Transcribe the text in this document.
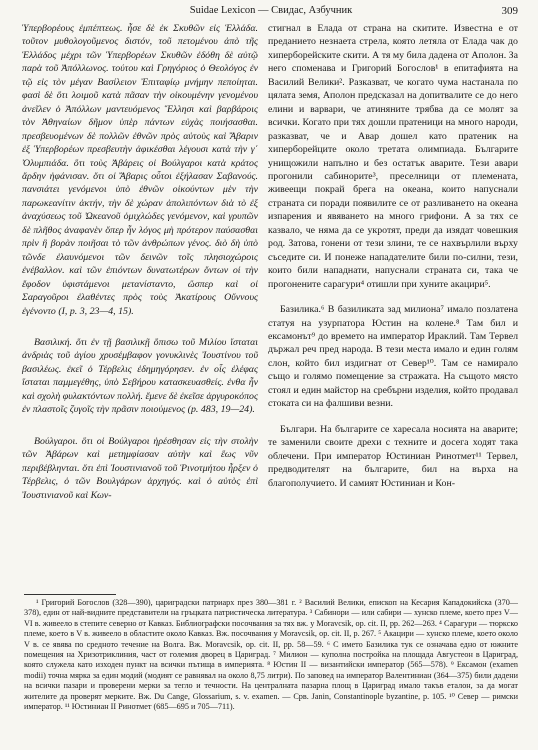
Suidae Lexicon — Свидас, Азбучник	309

Ὑπερβορέους ἐμπέπτεως. ἦσε δὲ ἐκ Σκυθῶν εἰς Ἑλλάδα. τοῦτον μυθολογοῦμενος διστόν, τοῦ πετομένου ἀπὸ τῆς Ἑλλάδος μέχρι τῶν Ὑπερβορέων Σκυθῶν ἐδόθη δὲ αὐτῷ παρὰ τοῦ Ἀπόλλωνος. τούτου καὶ Γρηγόριος ὁ Θεολόγος ἐν τῷ εἰς τὸν μέγαν Βασίλειον Ἐπιταφίῳ μνήμην πεποίηται. φασὶ δὲ ὅτι λοιμοῦ κατὰ πᾶσαν τὴν οἰκουμένην γενομένου ἀνεῖλεν ὁ Ἀπόλλων μαντευόμενος Ἕλλησι καὶ βαρβάροις τὸν Ἀθηναίων δῆμον ὑπὲρ πάντων εὐχὰς ποιήσασθαι. πρεσβευομένων δὲ πολλῶν ἐθνῶν πρὸς αὐτοὺς καὶ Ἄβαριν ἐξ Ὑπερβορέων πρεσβευτὴν ἀφικέσθαι λέγουσι κατὰ τὴν γ΄ Ὀλυμπιάδα. ὅτι τοὺς Ἀβάρεις οἱ Βούλγαροι κατὰ κράτος ἄρδην ἠφάνισαν. ὅτι οἱ Ἄβαρις οὗτοι ἐξήλασαν Σαβανούς. πανσιάτει γενόμενοι ὑπὸ ἐθνῶν οἰκούντων μὲν τὴν παρωκεανίτιν ἀκτήν, τὴν δὲ χώραν ἀπολιπόντων διὰ τὸ ἐξ ἀναχύσεως τοῦ Ὠκεανοῦ ὁμιχλώδες γενόμενον, καὶ γρυπῶν δὲ πλῆθος ἀναφανὲν ὅπερ ἦν λόγος μὴ πρότερον παύσασθαι πρὶν ἢ βορὰν ποιῆσαι τὸ τῶν ἀνθρώπων γένος. διὸ δὴ ὑπὸ τῶνδε ἐλαυνόμενοι τῶν δεινῶν τοῖς πλησιοχώροις ἐνέβαλλον. καὶ τῶν ἐπιόντων δυνατωτέρων ὄντων οἱ τὴν ἔφοδον ὑφιστάμενοι μετανίσταντο, ὥσπερ καὶ οἱ Σαραγοῦροι ἐλαθέντες πρὸς τοὺς Ἀκατίρους Οὔννους ἐγένοντο (I, p. 3, 23—4, 15).

Βασιλική. ὅτι ἐν τῇ βασιλικῇ ὄπισω τοῦ Μιλίου ἵσταται ἀνδριὰς τοῦ ἁγίου χρυσέμβαφον γονυκλινὲς Ἰουστίνου τοῦ βασιλέως. ἐκεῖ ὁ Τέρβελις ἐδημηγόρησεν. ἐν οἷς ἐλέφας ἵσταται παμμεγέθης, ὑπὸ Σεβήρου κατασκευασθείς. ἐνθα ἦν καὶ σχολὴ φυλακτόντων πολλή. ἔμενε δὲ ἐκεῖσε ἀργυροκόπος ἐν πλαστοῖς ζυγοῖς τὴν πρᾶσιν ποιούμενος (p. 483, 19—24).

Βούλγαροι. ὅτι οἱ Βούλγαροι ἠρέσθησαν εἰς τὴν στολὴν τῶν Ἀβάρων καὶ μετημφίασαν αὐτὴν καὶ ἕως νῦν περιβέβληνται. ὅτι ἐπὶ Ἰουστινιανοῦ τοῦ Ῥινοτμήτου ἦρξεν ὁ Τέρβελις, ὁ τῶν Βουλγάρων ἀρχηγός. καὶ ὁ αὐτὸς ἐπὶ Ἰουστινιανοῦ καὶ Κων-

стигнал в Елада от страна на скитите. Известна е от преданието незнаета стрела, която летяла от Елада чак до хиперборейските скити. А тя му била дадена от Аполон. За него споменава и Григорий Богослов¹ в епитафията на Василий Велики². Разказват, че когато чума настанала по цялата земя, Аполон предсказал на допитвалите се до него елини и варвари, че атиняните трябва да се молят за всички. Когато при тях дошли пратеници на много народи, разказват, че и Авар дошел като пратеник на хиперборейците около третата олимпиада. Българите унищожили напълно и без остатък аварите. Тези авари прогонили сабинорите³, преселници от племената, живеещи покрай брега на океана, които напуснали страната си поради появилите се от разливането на океана изпарения и явяването на много грифони. А за тях се казвало, че няма да се укротят, преди да изядат човешкия род. Затова, гонени от тези злини, те се нахвърлили върху съседите си. И понеже нападателите били по-силни, тези, които били нападнати, напуснали страната си, така че прогонените сарагури⁴ отишли при хунитe акацири⁵.

Базилика.⁶ В базиликата зад милиона⁷ имало позлатена статуя на узурпатора Юстин на колене.⁸ Там бил и ексамонът⁹ до времето на император Ираклий. Там Тервел държал реч пред народа. В тези места имало и един голям слон, който бил издигнат от Север¹⁰. Там се намирало също и голямо помещение за стражата. На същото място стоял и един майстор на сребърни изделия, който продавал стоката си на фалшиви везни.

Българи. На българите се харесала носията на аварите; те заменили своите дрехи с техните и досега ходят така облечени. При император Юстиниан Ринотмет¹¹ Тервел, предводителят на българите, бил на върха на благополучието. И самият Юстиниан и Кон-

¹ Григорий Богослов (328—390), цариградски патриарх през 380—381 г. ² Василий Велики, епископ на Кесария Кападокийска (370—378), един от най-видните представители на гръцката патристическа литература. ³ Сабинори — или сабири — хунско племе, което през V—VI в. живеело в степите северно от Кавказ. Библиографски посочвания за тях вж. у Moravcsik, op. cit. II, pp. 262—263. ⁴ Сарагури — тюркско племе, което в V в. живеело в областите около Кавказ. Вж. посочвания у Moravcsik, op. cit. II, p. 267. ⁵ Акацири — хунско племе, което около V в. се явява по средното течение на Волга. Вж. Moravcsik, op. cit. II, pp. 58—59. ⁶ С името Базилика тук се означава едно от южните помещения на Хризотриклиния, част от големия дворец в Цариград. ⁷ Милион — куполна постройка на площада Августеон в Цариград, която служела като изходен пункт на всички пътища в империята. ⁸ Юстин II — византийски император (565—578). ⁹ Ексамон (examen modii) точна мярка за един модий (модият се равнявал на около 8,75 литри). По заповед на император Валентиниан (364—375) били дадени на всички пазари и проверени мерки за тегло и течности. На централната пазарна площ в Цариград имало такъв еталон, за да могат жителите да проверят мерките. Вж. Du Cange, Glossarium, s. v. examen. — Срв. Janin, Constantinople byzantine, p. 105. ¹⁰ Север — римски император. ¹¹ Юстиниан II Ринотмет (685—695 и 705—711).
